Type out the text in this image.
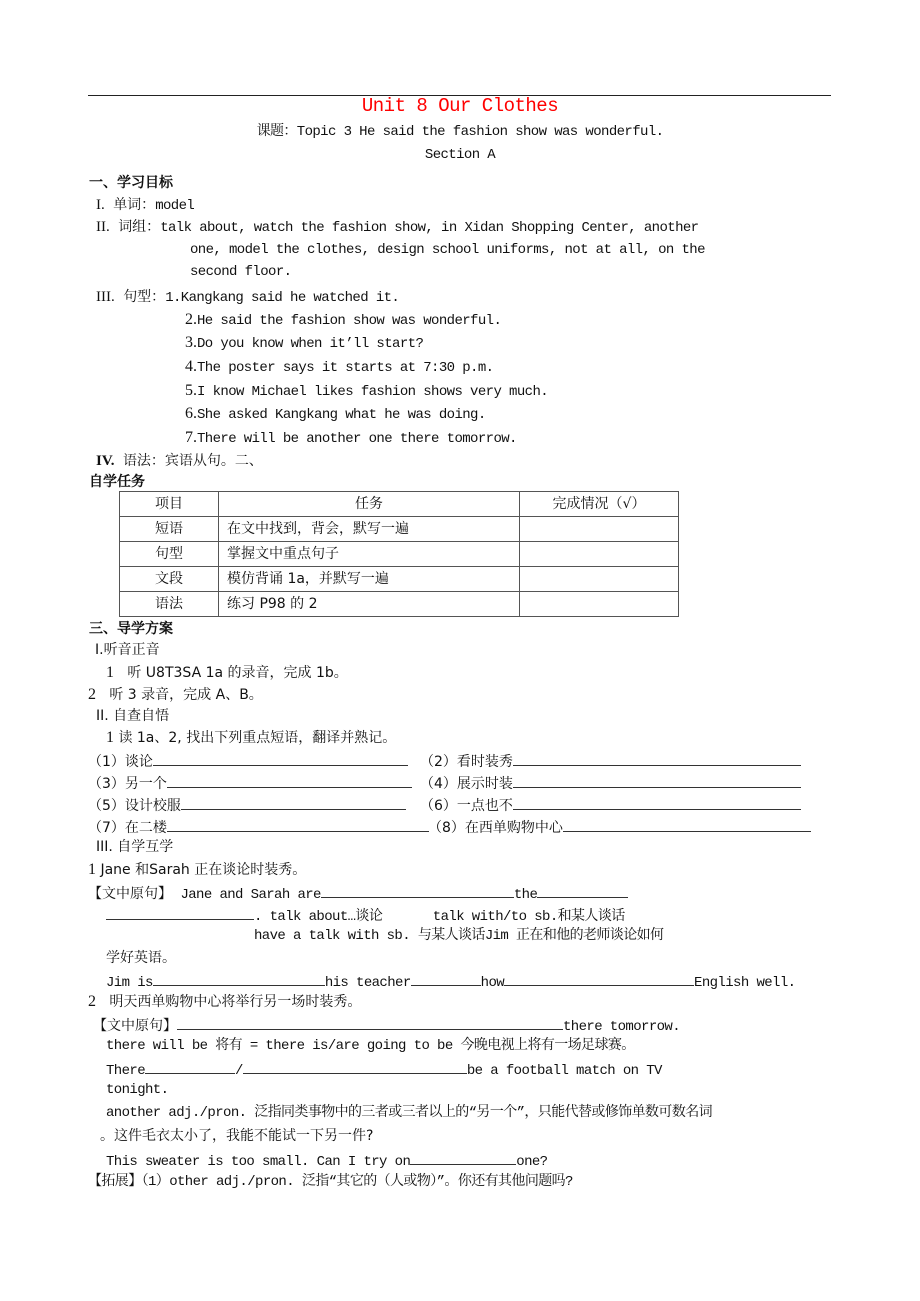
Unit 8 Our Clothes
课题：Topic 3 He said the fashion show was wonderful.
Section A
一、学习目标
I. 单词：model
II. 词组：talk about, watch the fashion show, in Xidan Shopping Center, another
one, model the clothes, design school uniforms, not at all, on the
second floor.
III. 句型：1.Kangkang said he watched it.
2.He said the fashion show was wonderful.
3.Do you know when it’ll start?
4.The poster says it starts at 7:30 p.m.
5.I know Michael likes fashion shows very much.
6.She asked Kangkang what he was doing.
7.There will be another one there tomorrow.
IV. 语法：宾语从句。二、
自学任务
项目	任务	完成情况（√）
短语	在文中找到，背会，默写一遍	
句型	掌握文中重点句子	
文段	模仿背诵 1a，并默写一遍	
语法	练习 P98 的 2	
三、导学方案
I.听音正音
1 听 U8T3SA 1a 的录音，完成 1b。
2 听 3 录音，完成 A、B。
II. 自查自悟
1 读 1a、2, 找出下列重点短语，翻译并熟记。
（1）谈论	（2）看时装秀
（3）另一个	（4）展示时装
（5）设计校服	（6）一点也不
（7）在二楼	（8）在西单购物中心
III. 自学互学
1 Jane 和Sarah 正在谈论时装秀。
【文中原句】 Jane and Sarah are	the
. talk about…谈论	talk with/to sb.和某人谈话
have a talk with sb. 与某人谈话Jim 正在和他的老师谈论如何
学好英语。
Jim is	his teacher	how	English well.
2 明天西单购物中心将举行另一场时装秀。
【文中原句】	there tomorrow.
there will be 将有 = there is/are going to be 今晚电视上将有一场足球赛。
There	/	be a football match on TV
tonight.
another adj./pron. 泛指同类事物中的三者或三者以上的“另一个”，只能代替或修饰单数可数名词
。这件毛衣太小了，我能不能试一下另一件?
This sweater is too small. Can I try on	one?
【拓展】（1）other adj./pron. 泛指“其它的（人或物）”。你还有其他问题吗?
